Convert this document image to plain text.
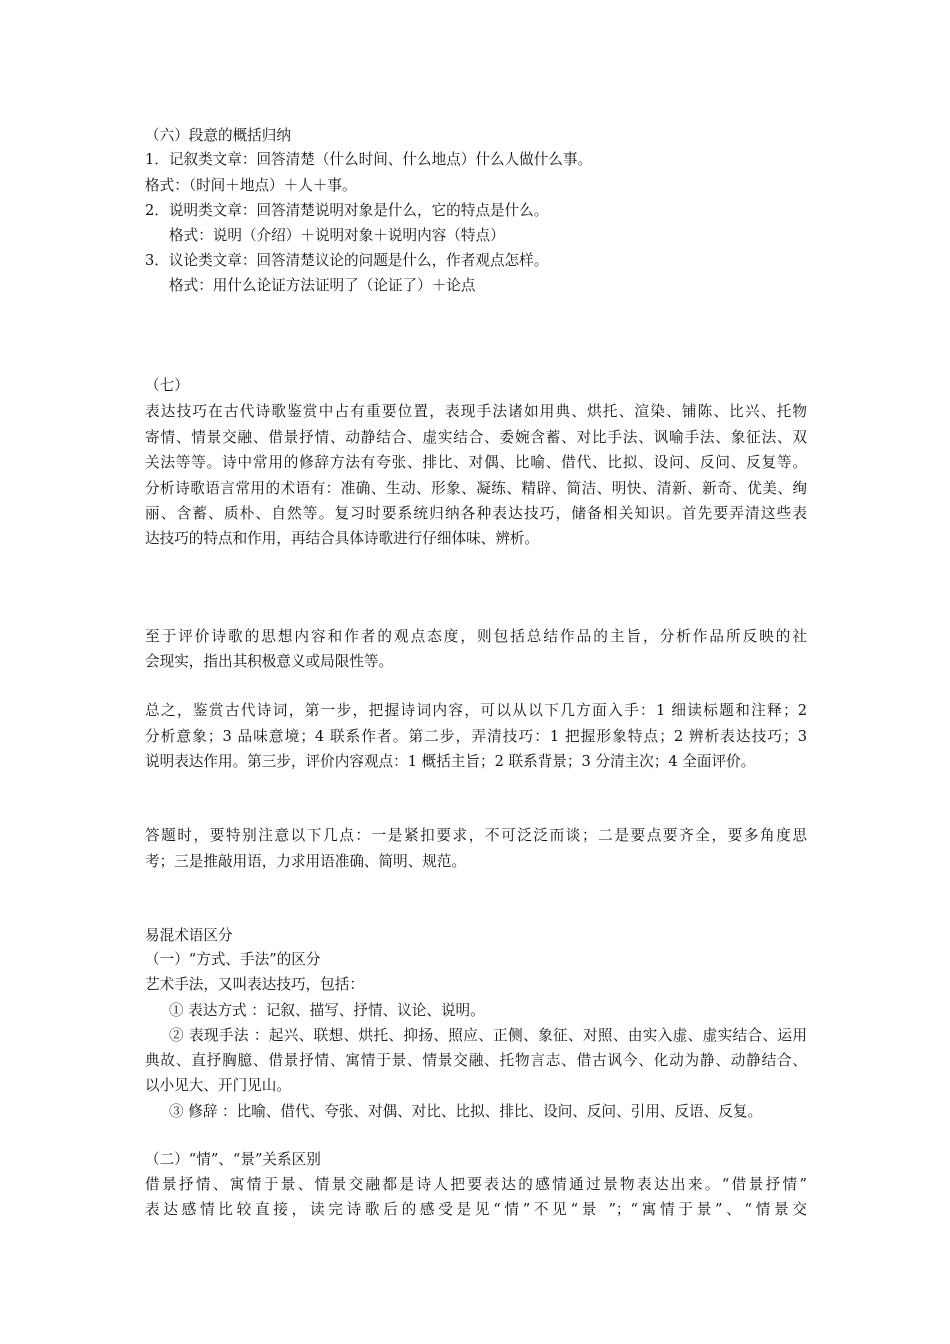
（六）段意的概括归纳
1．记叙类文章：回答清楚（什么时间、什么地点）什么人做什么事。
格式：（时间＋地点）＋人＋事。
2．说明类文章：回答清楚说明对象是什么，它的特点是什么。
格式：说明（介绍）＋说明对象＋说明内容（特点）
3．议论类文章：回答清楚议论的问题是什么，作者观点怎样。
格式：用什么论证方法证明了（论证了）＋论点
（七）
表达技巧在古代诗歌鉴赏中占有重要位置，表现手法诸如用典、烘托、渲染、铺陈、比兴、托物
寄情、情景交融、借景抒情、动静结合、虚实结合、委婉含蓄、对比手法、讽喻手法、象征法、双
关法等等。诗中常用的修辞方法有夸张、排比、对偶、比喻、借代、比拟、设问、反问、反复等。
分析诗歌语言常用的术语有：准确、生动、形象、凝练、精辟、简洁、明快、清新、新奇、优美、绚
丽、含蓄、质朴、自然等。复习时要系统归纳各种表达技巧，储备相关知识。首先要弄清这些表
达技巧的特点和作用，再结合具体诗歌进行仔细体味、辨析。
至于评价诗歌的思想内容和作者的观点态度，则包括总结作品的主旨，分析作品所反映的社
会现实，指出其积极意义或局限性等。
总之，鉴赏古代诗词，第一步，把握诗词内容，可以从以下几方面入手：1 细读标题和注释；2
分析意象；3 品味意境；4 联系作者。第二步，弄清技巧：1 把握形象特点；2 辨析表达技巧；3
说明表达作用。第三步，评价内容观点：1 概括主旨；2 联系背景；3 分清主次；4 全面评价。
答题时，要特别注意以下几点：一是紧扣要求，不可泛泛而谈；二是要点要齐全，要多角度思
考；三是推敲用语，力求用语准确、简明、规范。
易混术语区分
（一）“方式、手法”的区分
艺术手法，又叫表达技巧，包括：
① 表达方式 ：记叙、描写、抒情、议论、说明。
② 表现手法 ：起兴、联想、烘托、抑扬、照应、正侧、象征、对照、由实入虚、虚实结合、运用
典故、直抒胸臆、借景抒情、寓情于景、情景交融、托物言志、借古讽今、化动为静、动静结合、
以小见大、开门见山。
③ 修辞 ：比喻、借代、夸张、对偶、对比、比拟、排比、设问、反问、引用、反语、反复。
（二）“情”、“景”关系区别
借景抒情、寓情于景、情景交融都是诗人把要表达的感情通过景物表达出来。“借景抒情”
表达感情比较直接，读完诗歌后的感受是见“情”不见“景 ”；“寓情于景”、“情景交
